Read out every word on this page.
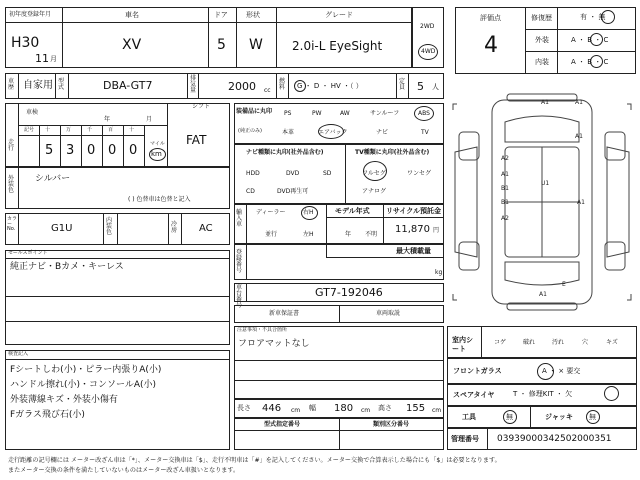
初年度登録年月
H30
11 月
車名
XV
ドア
5
形状
W
グレード
2.0i-L EyeSight
2WD
4WD
車歴 自家用 型式	DBA-GT7
排気量	2000 cc
燃料 G ・ D ・ HV ・（ ）
定員 5 人
評価点
4
修復歴	有 ・ 無
外装	A ・ B ・ C
内装	A ・ B ・ C
車検
年	月
走行
記号 十	万	千	百	十
5 3 0 0 0	マイル
km
シフト
FAT
外装色
シルバー
( ) 色替車は色替と記入
カラーNo.	G1U
内装色
冷房 AC
セールスポイント
純正ナビ・Bカメ・キーレス
検査記入
Fシートしわ(小)・ピラー内張りA(小)
ハンドル擦れ(小)・コンソールA(小)
外装薄線キズ・外装小傷有
Fガラス飛び石(小)
装備品に丸印
(純正のみ)
PS	PW	AW	サンルーフ	ABS
本革	エアバック	ナビ	TV
ナビ種類に丸印(社外品含む)
HDD	DVD	SD
CD	DVD再生可
TV種類に丸印(社外品含む)
フルセグ	ワンセグ
アナログ
輸入車
ディーラー	右H
並行	左H
モデル年式
年 不明
リサイクル預託金
11,870 円
登録番号
最大積載量
kg
車台番号
GT7-192046
新車保証書	車両取説
注意事項・不具合箇所
フロアマットなし
長さ 446 cm 幅 180 cm 高さ 155 cm
型式指定番号	類別区分番号
A1	A1
A1
A2
A1
B1
B1
U1
A2
A1
A1
E
室内シート
コゲ	破れ	汚れ	穴	キズ
フロントガラス	A ・ × 要交
スペアタイヤ	T ・ 修理KIT ・ 欠
工具	無	ジャッキ 無
管理番号 03939000342502000351
走行距離の記号欄には メーター改ざん車は「*」、メーター交換車は「$」、走行不明車は「#」を記入してください。メーター交換で合算表示した場合にも「$」は必要となります。
またメーター交換の条件を満たしていないものはメーター改ざん車扱いとなります。
